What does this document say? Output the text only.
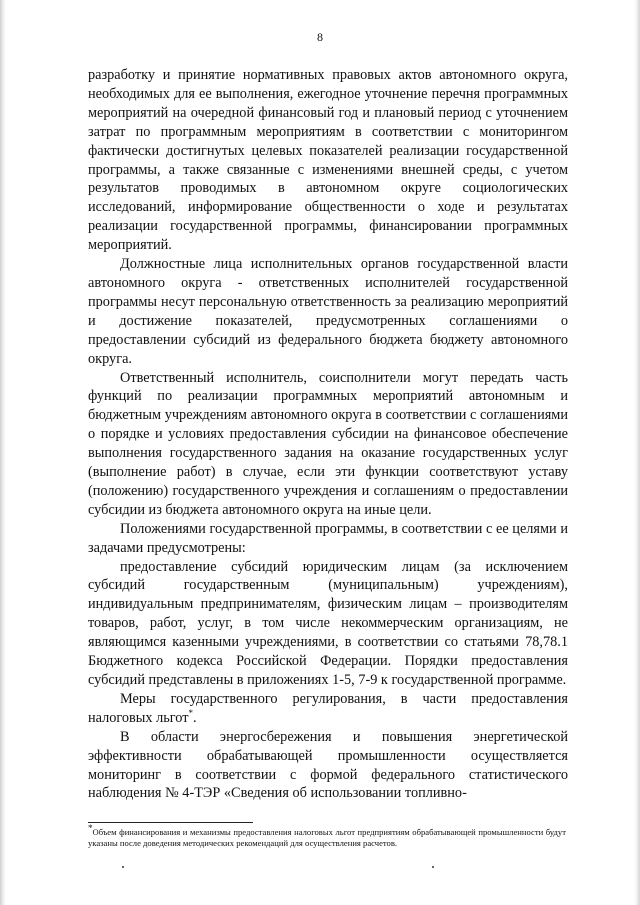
8

разработку и принятие нормативных правовых актов автономного округа, необходимых для ее выполнения, ежегодное уточнение перечня программных мероприятий на очередной финансовый год и плановый период с уточнением затрат по программным мероприятиям в соответствии с мониторингом фактически достигнутых целевых показателей реализации государственной программы, а также связанные с изменениями внешней среды, с учетом результатов проводимых в автономном округе социологических исследований, информирование общественности о ходе и результатах реализации государственной программы, финансировании программных мероприятий.

Должностные лица исполнительных органов государственной власти автономного округа - ответственных исполнителей государственной программы несут персональную ответственность за реализацию мероприятий и достижение показателей, предусмотренных соглашениями о предоставлении субсидий из федерального бюджета бюджету автономного округа.

Ответственный исполнитель, соисполнители могут передать часть функций по реализации программных мероприятий автономным и бюджетным учреждениям автономного округа в соответствии с соглашениями о порядке и условиях предоставления субсидии на финансовое обеспечение выполнения государственного задания на оказание государственных услуг (выполнение работ) в случае, если эти функции соответствуют уставу (положению) государственного учреждения и соглашениям о предоставлении субсидии из бюджета автономного округа на иные цели.

Положениями государственной программы, в соответствии с ее целями и задачами предусмотрены:

предоставление субсидий юридическим лицам (за исключением субсидий государственным (муниципальным) учреждениям), индивидуальным предпринимателям, физическим лицам – производителям товаров, работ, услуг, в том числе некоммерческим организациям, не являющимся казенными учреждениями, в соответствии со статьями 78,78.1 Бюджетного кодекса Российской Федерации. Порядки предоставления субсидий представлены в приложениях 1-5, 7-9 к государственной программе.

Меры государственного регулирования, в части предоставления налоговых льгот*.

В области энергосбережения и повышения энергетической эффективности обрабатывающей промышленности осуществляется мониторинг в соответствии с формой федерального статистического наблюдения № 4-ТЭР «Сведения об использовании топливно-

*Объем финансирования и механизмы предоставления налоговых льгот предприятиям обрабатывающей промышленности будут указаны после доведения методических рекомендаций для осуществления расчетов.
